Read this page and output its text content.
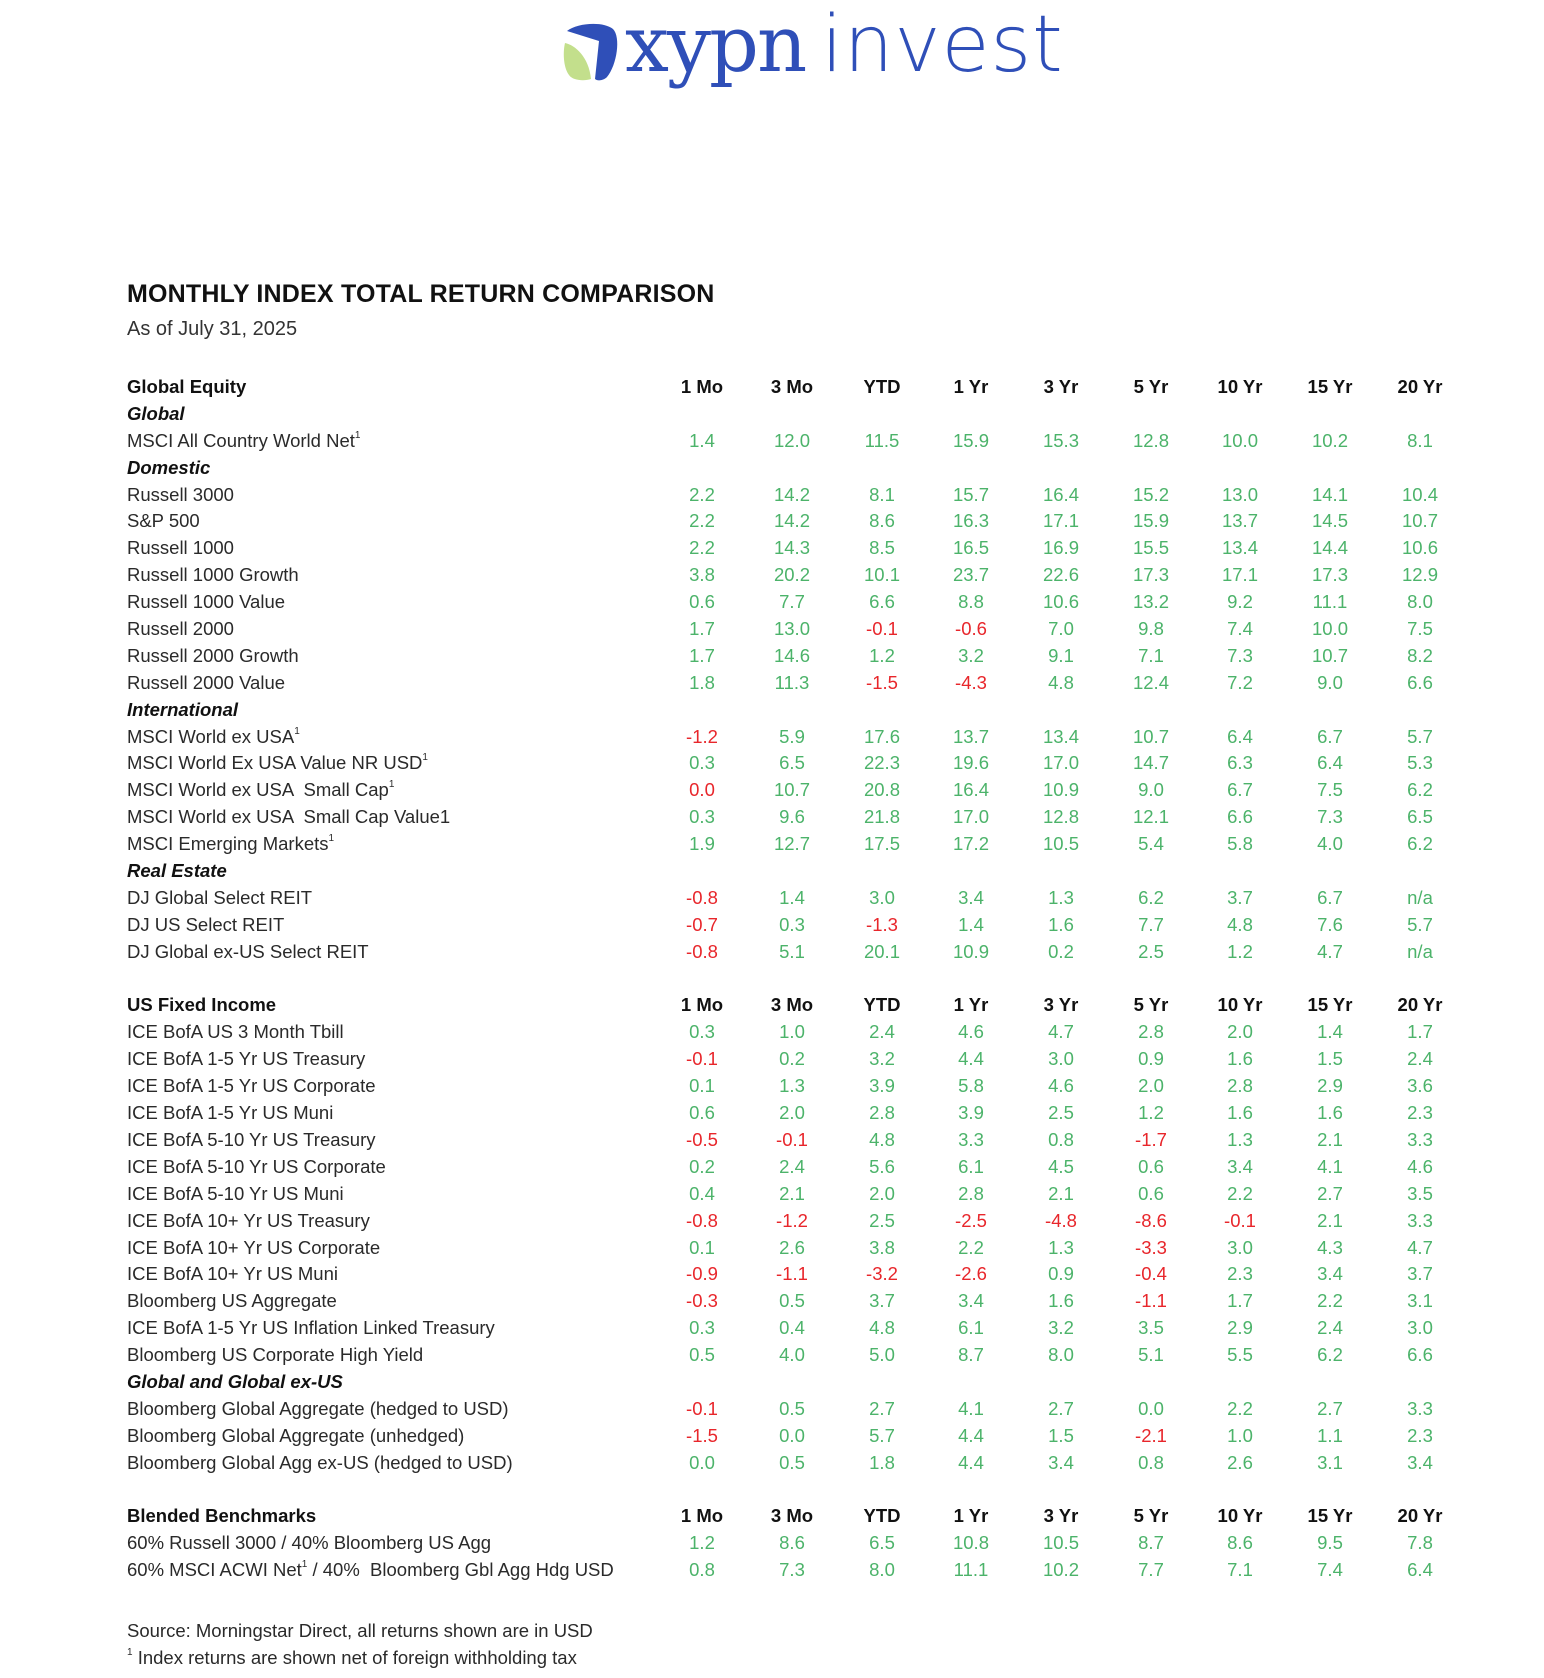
xypn invest
MONTHLY INDEX TOTAL RETURN COMPARISON
As of July 31, 2025
Global Equity	1 Mo	3 Mo	YTD	1 Yr	3 Yr	5 Yr	10 Yr	15 Yr	20 Yr
Global
MSCI All Country World Net$^1$	1.4	12.0	11.5	15.9	15.3	12.8	10.0	10.2	8.1
Domestic
Russell 3000	2.2	14.2	8.1	15.7	16.4	15.2	13.0	14.1	10.4
S&P 500	2.2	14.2	8.6	16.3	17.1	15.9	13.7	14.5	10.7
Russell 1000	2.2	14.3	8.5	16.5	16.9	15.5	13.4	14.4	10.6
Russell 1000 Growth	3.8	20.2	10.1	23.7	22.6	17.3	17.1	17.3	12.9
Russell 1000 Value	0.6	7.7	6.6	8.8	10.6	13.2	9.2	11.1	8.0
Russell 2000	1.7	13.0	-0.1	-0.6	7.0	9.8	7.4	10.0	7.5
Russell 2000 Growth	1.7	14.6	1.2	3.2	9.1	7.1	7.3	10.7	8.2
Russell 2000 Value	1.8	11.3	-1.5	-4.3	4.8	12.4	7.2	9.0	6.6
International
MSCI World ex USA$^1$	-1.2	5.9	17.6	13.7	13.4	10.7	6.4	6.7	5.7
MSCI World Ex USA Value NR USD$^1$	0.3	6.5	22.3	19.6	17.0	14.7	6.3	6.4	5.3
MSCI World ex USA  Small Cap$^1$	0.0	10.7	20.8	16.4	10.9	9.0	6.7	7.5	6.2
MSCI World ex USA  Small Cap Value1	0.3	9.6	21.8	17.0	12.8	12.1	6.6	7.3	6.5
MSCI Emerging Markets$^1$	1.9	12.7	17.5	17.2	10.5	5.4	5.8	4.0	6.2
Real Estate
DJ Global Select REIT	-0.8	1.4	3.0	3.4	1.3	6.2	3.7	6.7	n/a
DJ US Select REIT	-0.7	0.3	-1.3	1.4	1.6	7.7	4.8	7.6	5.7
DJ Global ex-US Select REIT	-0.8	5.1	20.1	10.9	0.2	2.5	1.2	4.7	n/a
US Fixed Income	1 Mo	3 Mo	YTD	1 Yr	3 Yr	5 Yr	10 Yr	15 Yr	20 Yr
ICE BofA US 3 Month Tbill	0.3	1.0	2.4	4.6	4.7	2.8	2.0	1.4	1.7
ICE BofA 1-5 Yr US Treasury	-0.1	0.2	3.2	4.4	3.0	0.9	1.6	1.5	2.4
ICE BofA 1-5 Yr US Corporate	0.1	1.3	3.9	5.8	4.6	2.0	2.8	2.9	3.6
ICE BofA 1-5 Yr US Muni	0.6	2.0	2.8	3.9	2.5	1.2	1.6	1.6	2.3
ICE BofA 5-10 Yr US Treasury	-0.5	-0.1	4.8	3.3	0.8	-1.7	1.3	2.1	3.3
ICE BofA 5-10 Yr US Corporate	0.2	2.4	5.6	6.1	4.5	0.6	3.4	4.1	4.6
ICE BofA 5-10 Yr US Muni	0.4	2.1	2.0	2.8	2.1	0.6	2.2	2.7	3.5
ICE BofA 10+ Yr US Treasury	-0.8	-1.2	2.5	-2.5	-4.8	-8.6	-0.1	2.1	3.3
ICE BofA 10+ Yr US Corporate	0.1	2.6	3.8	2.2	1.3	-3.3	3.0	4.3	4.7
ICE BofA 10+ Yr US Muni	-0.9	-1.1	-3.2	-2.6	0.9	-0.4	2.3	3.4	3.7
Bloomberg US Aggregate	-0.3	0.5	3.7	3.4	1.6	-1.1	1.7	2.2	3.1
ICE BofA 1-5 Yr US Inflation Linked Treasury	0.3	0.4	4.8	6.1	3.2	3.5	2.9	2.4	3.0
Bloomberg US Corporate High Yield	0.5	4.0	5.0	8.7	8.0	5.1	5.5	6.2	6.6
Global and Global ex-US
Bloomberg Global Aggregate (hedged to USD)	-0.1	0.5	2.7	4.1	2.7	0.0	2.2	2.7	3.3
Bloomberg Global Aggregate (unhedged)	-1.5	0.0	5.7	4.4	1.5	-2.1	1.0	1.1	2.3
Bloomberg Global Agg ex-US (hedged to USD)	0.0	0.5	1.8	4.4	3.4	0.8	2.6	3.1	3.4
Blended Benchmarks	1 Mo	3 Mo	YTD	1 Yr	3 Yr	5 Yr	10 Yr	15 Yr	20 Yr
60% Russell 3000 / 40% Bloomberg US Agg	1.2	8.6	6.5	10.8	10.5	8.7	8.6	9.5	7.8
60% MSCI ACWI Net$^1$ / 40%  Bloomberg Gbl Agg Hdg USD	0.8	7.3	8.0	11.1	10.2	7.7	7.1	7.4	6.4
Source: Morningstar Direct, all returns shown are in USD
$^1$ Index returns are shown net of foreign withholding tax
